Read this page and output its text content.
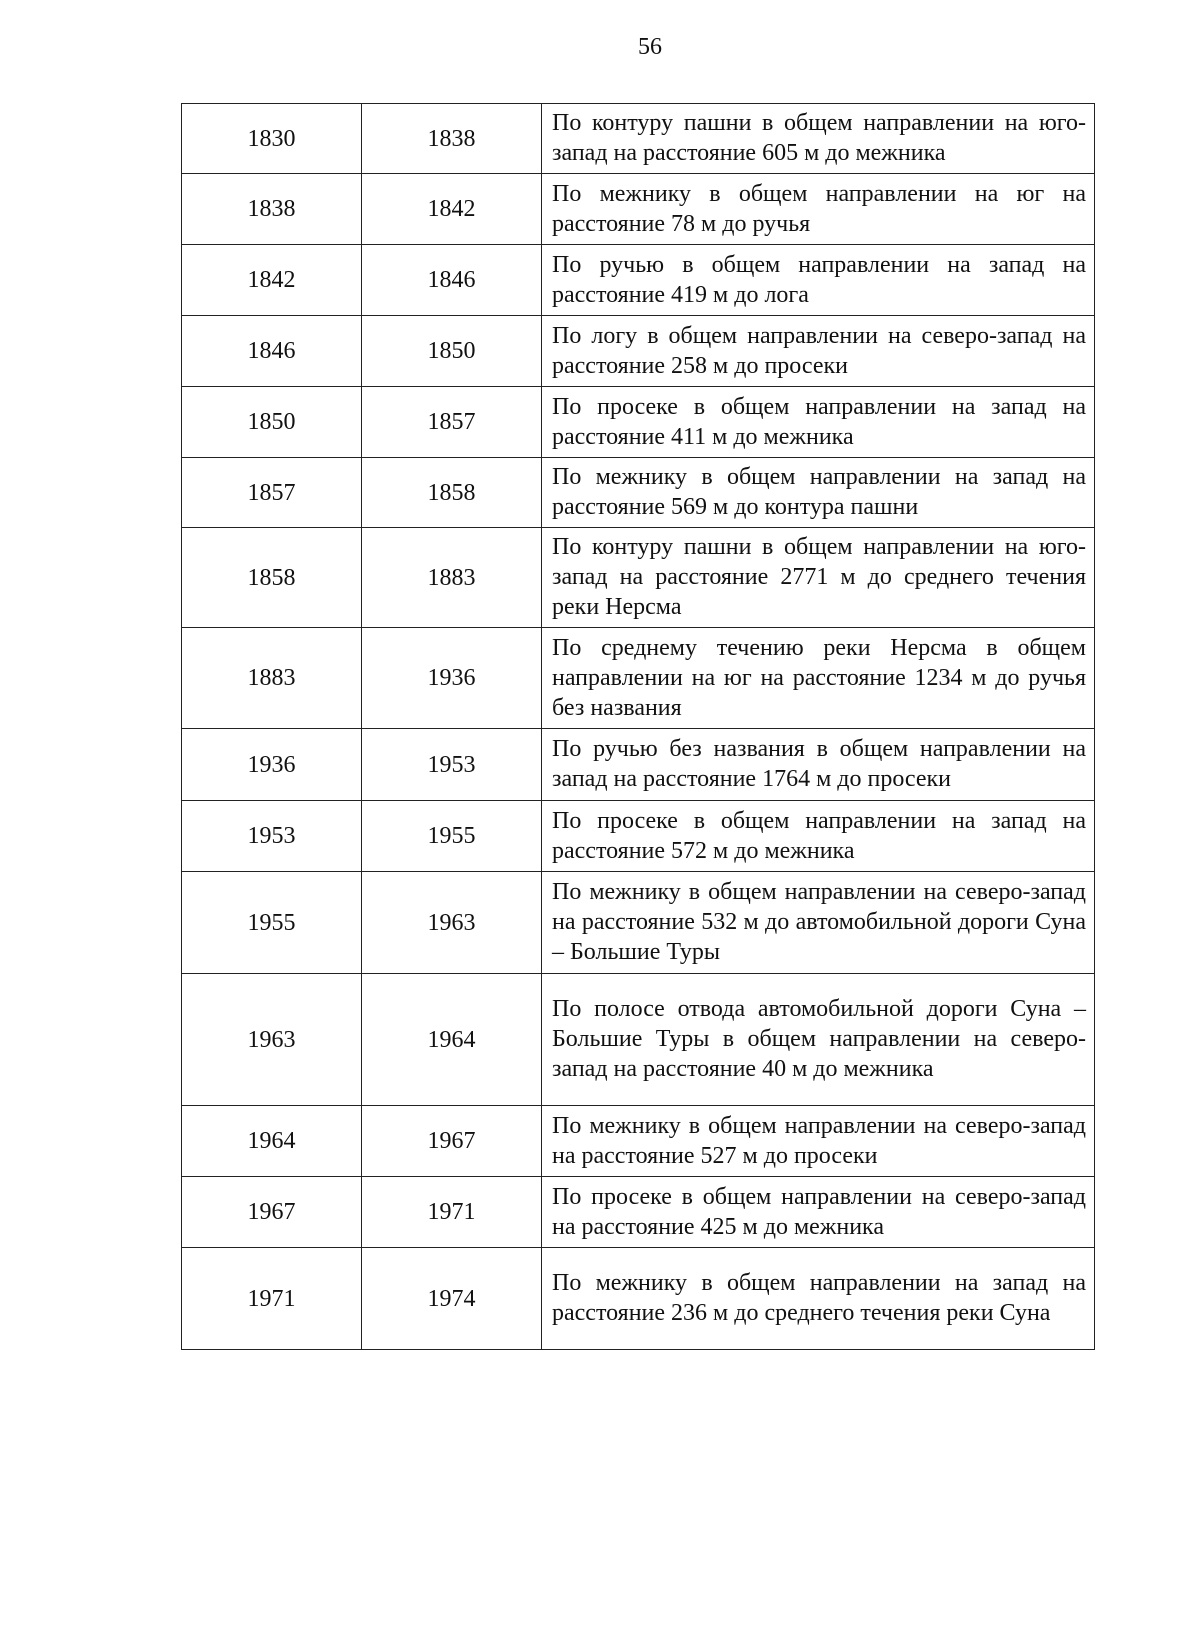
56
1830	1838	По контуру пашни в общем направлении на юго-запад на расстояние 605 м до межника
1838	1842	По межнику в общем направлении на юг на расстояние 78 м до ручья
1842	1846	По ручью в общем направлении на запад на расстояние 419 м до лога
1846	1850	По логу в общем направлении на северо-запад на расстояние 258 м до просеки
1850	1857	По просеке в общем направлении на запад на расстояние 411 м до межника
1857	1858	По межнику в общем направлении на запад на расстояние 569 м до контура пашни
1858	1883	По контуру пашни в общем направлении на юго-запад на расстояние 2771 м до среднего течения реки Нерсма
1883	1936	По среднему течению реки Нерсма в общем направлении на юг на расстояние 1234 м до ручья без названия
1936	1953	По ручью без названия в общем направлении на запад на расстояние 1764 м до просеки
1953	1955	По просеке в общем направлении на запад на расстояние 572 м до межника
1955	1963	По межнику в общем направлении на северо-запад на расстояние 532 м до автомобильной дороги Суна – Большие Туры
1963	1964	По полосе отвода автомобильной дороги Суна – Большие Туры в общем направлении на северо-запад на расстояние 40 м до межника
1964	1967	По межнику в общем направлении на северо-запад на расстояние 527 м до просеки
1967	1971	По просеке в общем направлении на северо-запад на расстояние 425 м до межника
1971	1974	По межнику в общем направлении на запад на расстояние 236 м до среднего течения реки Суна
